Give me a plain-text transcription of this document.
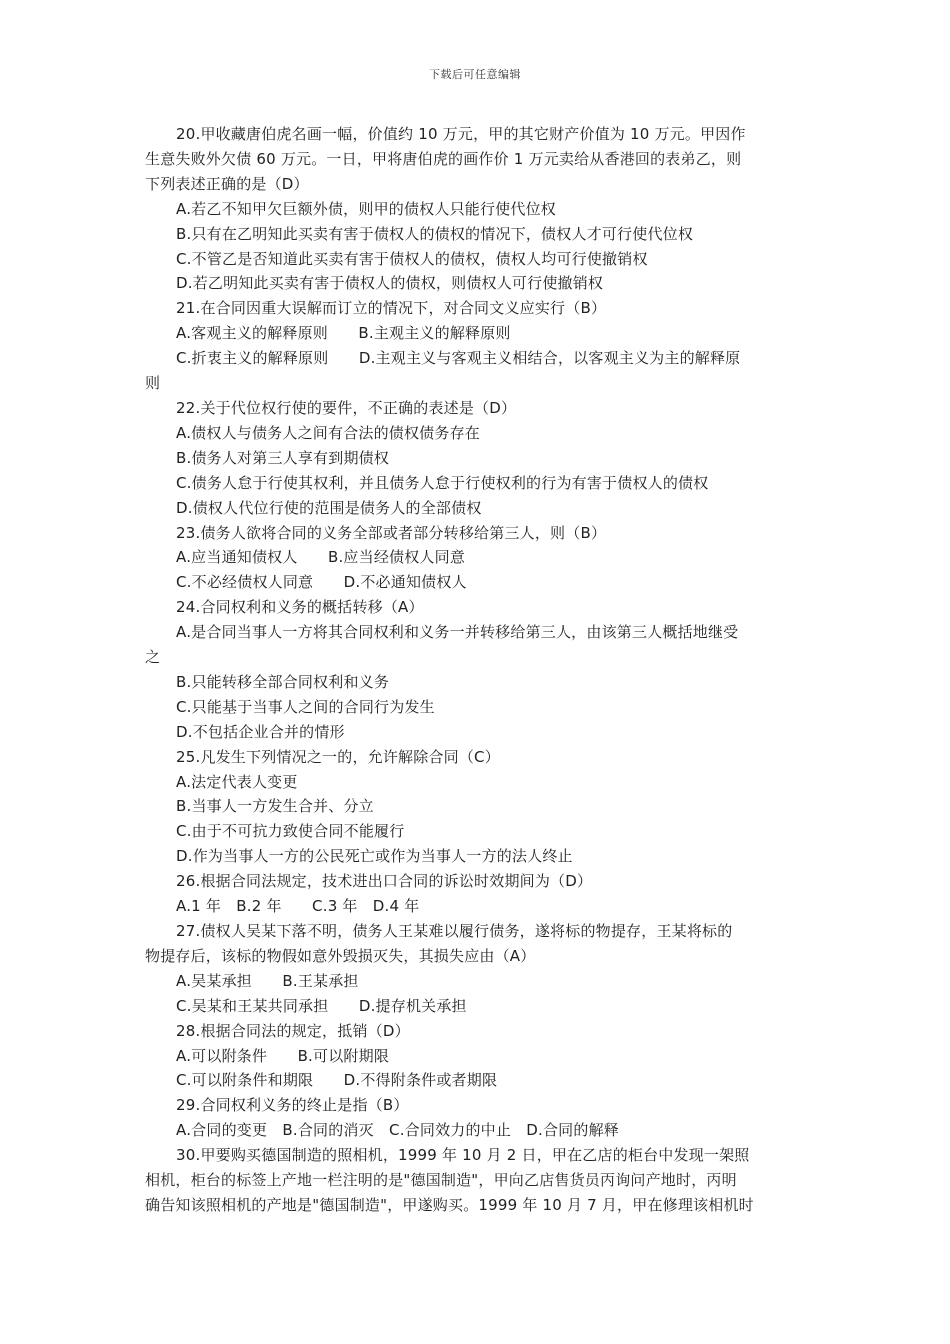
下载后可任意编辑
20.甲收藏唐伯虎名画一幅，价值约 10 万元，甲的其它财产价值为 10 万元。甲因作
生意失败外欠债 60 万元。一日，甲将唐伯虎的画作价 1 万元卖给从香港回的表弟乙，则
下列表述正确的是（D）
A.若乙不知甲欠巨额外债，则甲的债权人只能行使代位权
B.只有在乙明知此买卖有害于债权人的债权的情况下，债权人才可行使代位权
C.不管乙是否知道此买卖有害于债权人的债权，债权人均可行使撤销权
D.若乙明知此买卖有害于债权人的债权，则债权人可行使撤销权
21.在合同因重大误解而订立的情况下，对合同文义应实行（B）
A.客观主义的解释原则　　B.主观主义的解释原则
C.折衷主义的解释原则　　D.主观主义与客观主义相结合，以客观主义为主的解释原
则
22.关于代位权行使的要件，不正确的表述是（D）
A.债权人与债务人之间有合法的债权债务存在
B.债务人对第三人享有到期债权
C.债务人怠于行使其权利，并且债务人怠于行使权利的行为有害于债权人的债权
D.债权人代位行使的范围是债务人的全部债权
23.债务人欲将合同的义务全部或者部分转移给第三人，则（B）
A.应当通知债权人　　B.应当经债权人同意
C.不必经债权人同意　　D.不必通知债权人
24.合同权利和义务的概括转移（A）
A.是合同当事人一方将其合同权利和义务一并转移给第三人，由该第三人概括地继受
之
B.只能转移全部合同权利和义务
C.只能基于当事人之间的合同行为发生
D.不包括企业合并的情形
25.凡发生下列情况之一的，允许解除合同（C）
A.法定代表人变更
B.当事人一方发生合并、分立
C.由于不可抗力致使合同不能履行
D.作为当事人一方的公民死亡或作为当事人一方的法人终止
26.根据合同法规定，技术进出口合同的诉讼时效期间为（D）
A.1 年　B.2 年　　C.3 年　D.4 年
27.债权人吴某下落不明，债务人王某难以履行债务，遂将标的物提存，王某将标的
物提存后，该标的物假如意外毁损灭失，其损失应由（A）
A.吴某承担　　B.王某承担
C.吴某和王某共同承担　　D.提存机关承担
28.根据合同法的规定，抵销（D）
A.可以附条件　　B.可以附期限
C.可以附条件和期限　　D.不得附条件或者期限
29.合同权利义务的终止是指（B）
A.合同的变更　B.合同的消灭　C.合同效力的中止　D.合同的解释
30.甲要购买德国制造的照相机，1999 年 10 月 2 日，甲在乙店的柜台中发现一架照
相机，柜台的标签上产地一栏注明的是"德国制造"，甲向乙店售货员丙询问产地时，丙明
确告知该照相机的产地是"德国制造"，甲遂购买。1999 年 10 月 7 月，甲在修理该相机时
